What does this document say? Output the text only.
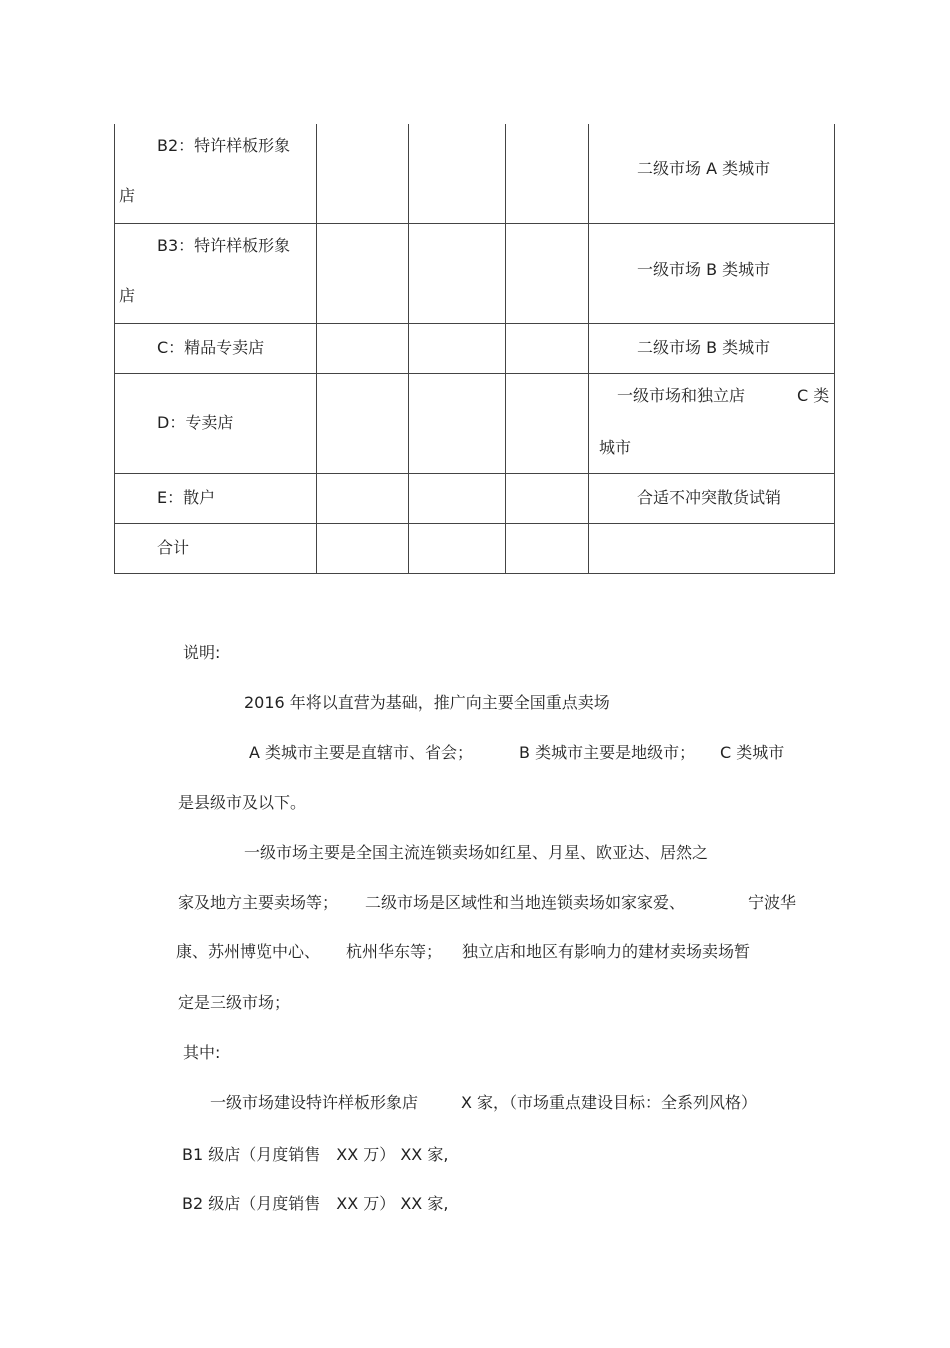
B2：特许样板形象
店				二级市场 A 类城市

B3：特许样板形象
店				一级市场 B 类城市

C：精品专卖店				二级市场 B 类城市

D：专卖店				一级市场和独立店 C 类
城市

E：散户				合适不冲突散货试销

合计				

说明:
2016 年将以直营为基础，推广向主要全国重点卖场
A 类城市主要是直辖市、省会；	B 类城市主要是地级市； C 类城市
是县级市及以下。
一级市场主要是全国主流连锁卖场如红星、月星、欧亚达、居然之
家及地方主要卖场等； 二级市场是区域性和当地连锁卖场如家家爱、	宁波华
康、苏州博览中心、 杭州华东等； 独立店和地区有影响力的建材卖场卖场暂
定是三级市场；
其中:
一级市场建设特许样板形象店	X 家，（市场重点建设目标：全系列风格）
B1 级店（月度销售　XX 万） XX 家,
B2 级店（月度销售　XX 万） XX 家,
